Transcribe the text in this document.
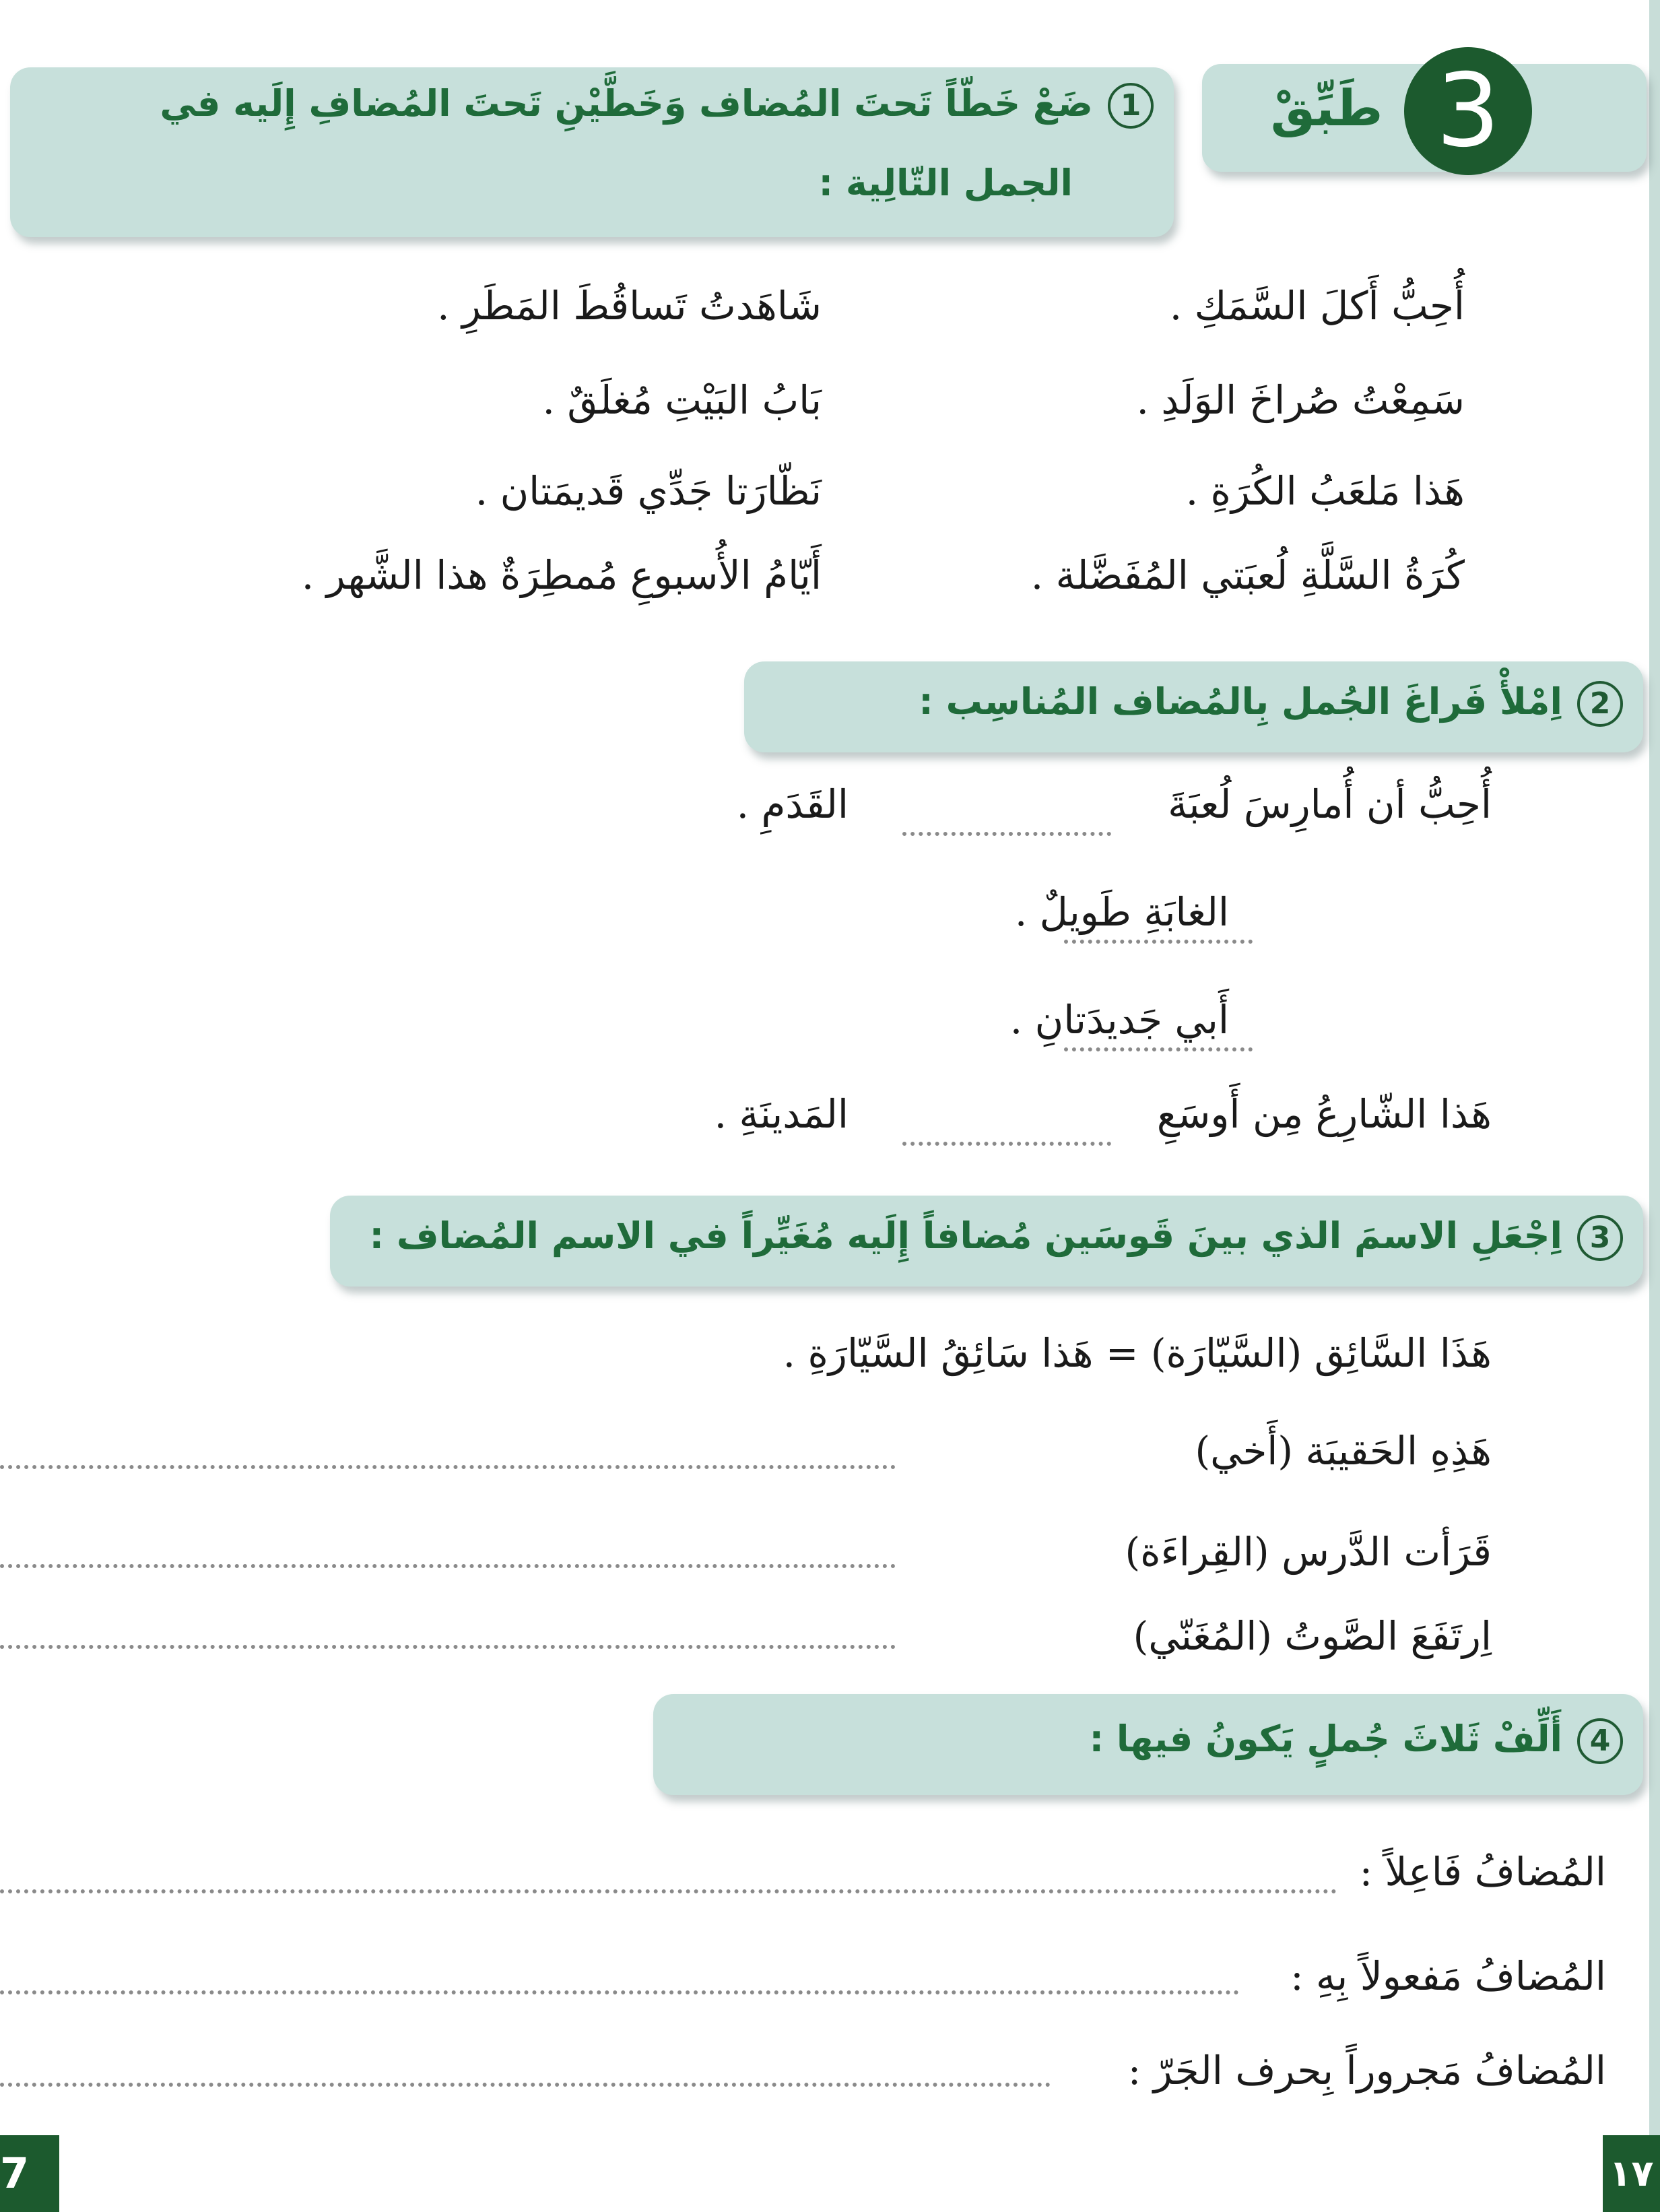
طَبِّقْ 3
1ضَعْ خَطّاً تَحتَ المُضاف وَخَطَّيْنِ تَحتَ المُضافِ إِلَيه في
الجمل التّالِية :
أُحِبُّ أَكلَ السَّمَكِ .
سَمِعْتُ صُراخَ الوَلَدِ .
هَذا مَلعَبُ الكُرَةِ .
كُرَةُ السَّلَّةِ لُعبَتي المُفَضَّلة .
شَاهَدتُ تَساقُطَ المَطَرِ .
بَابُ البَيْتِ مُغلَقٌ .
نَظّارَتا جَدِّي قَديمَتان .
أَيّامُ الأُسبوعِ مُمطِرَةٌ هذا الشَّهر .
2اِمْلأْ فَراغَ الجُمل بِالمُضاف المُناسِب :
أُحِبُّ أن أُمارِسَ لُعبَةَ
القَدَمِ .
الغابَةِ طَويلٌ .
أَبي جَديدَتانِ .
هَذا الشّارِعُ مِن أَوسَعِ
المَدينَةِ .
3اِجْعَلِ الاسمَ الذي بينَ قَوسَين مُضافاً إِلَيه مُغَيِّراً في الاسم المُضاف :
هَذَا السَّائِق (السَّيّارَة) = هَذا سَائِقُ السَّيّارَةِ .
هَذِهِ الحَقيبَة (أَخي)
قَرَأت الدَّرس (القِراءَة)
اِرتَفَعَ الصَّوتُ (المُغَنّي)
4أَلِّفْ ثَلاثَ جُملٍ يَكونُ فيها :
المُضافُ فَاعِلاً :
المُضافُ مَفعولاً بِهِ :
المُضافُ مَجروراً بِحرف الجَرّ :
7	١٧
